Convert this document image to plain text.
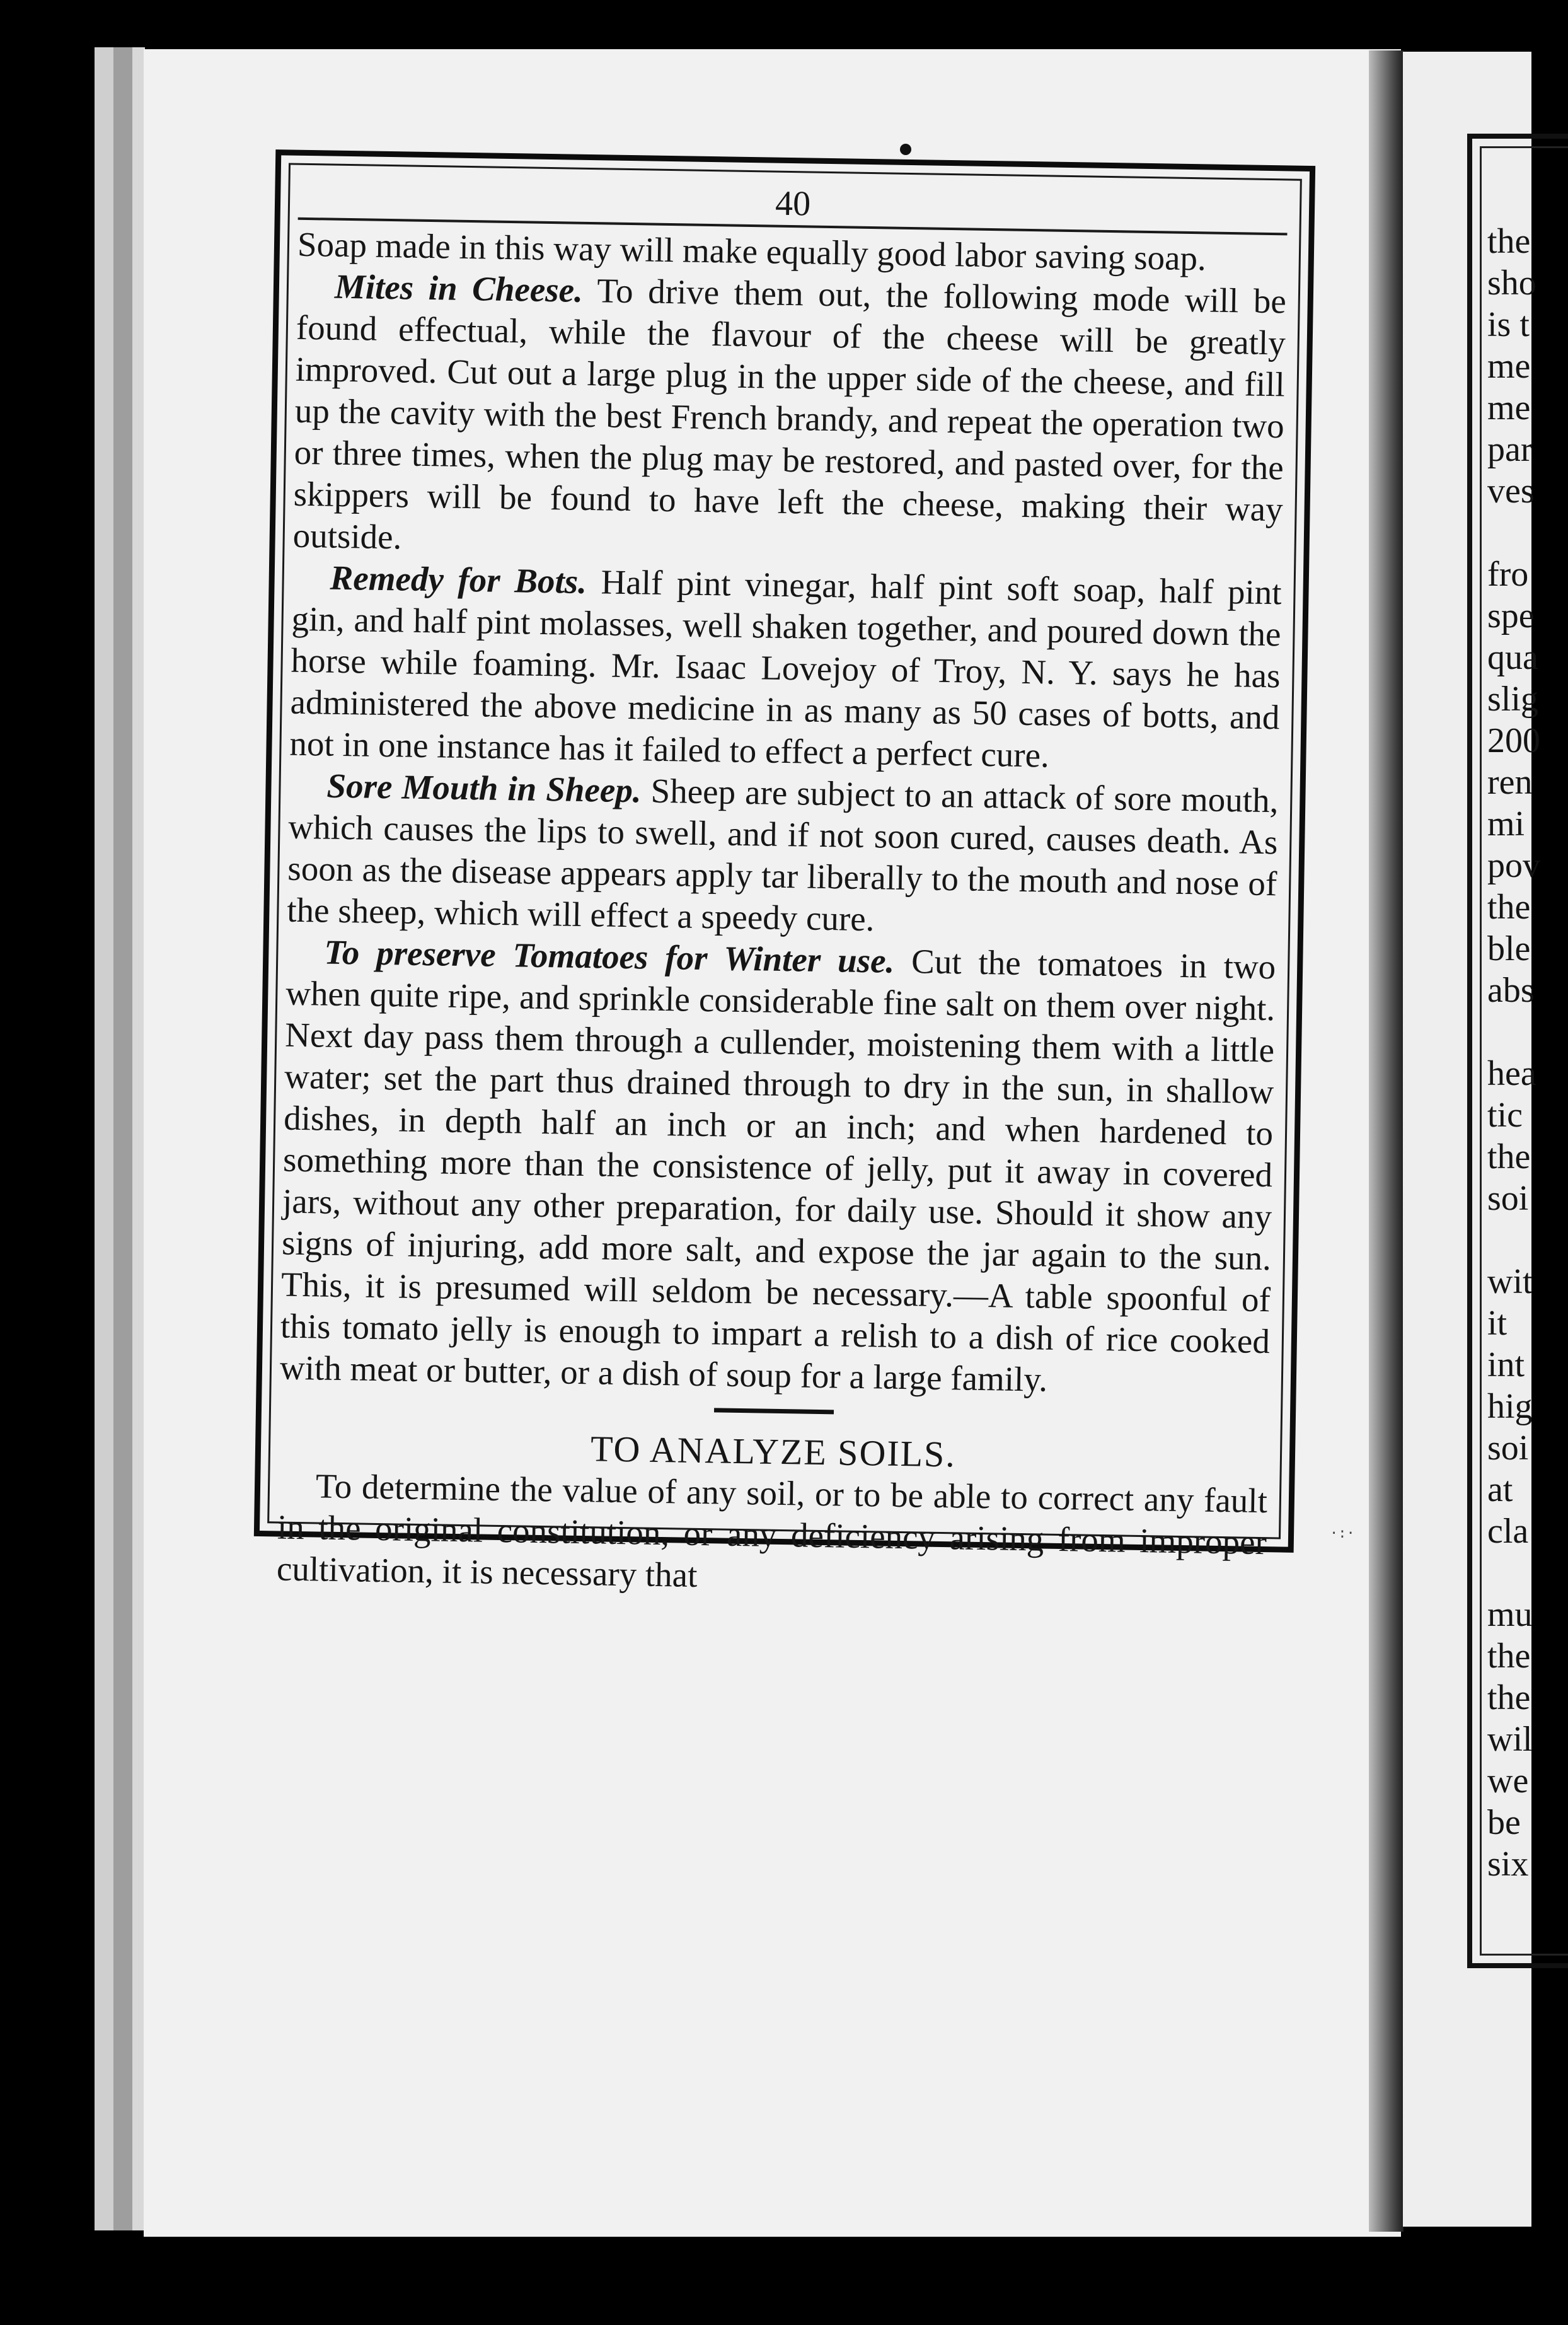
the
sho
is t
me
me
par
ves
fro
spe
qua
slig
200
ren
mi
pov
the
ble
abs
hea
tic
the
soi
wit
it
int
hig
soi
at
cla
mu
the
the
wil
we
be
six
·:·
40

Soap made in this way will make equally good labor saving soap.

Mites in Cheese. To drive them out, the following mode will be found effectual, while the flavour of the cheese will be greatly improved. Cut out a large plug in the upper side of the cheese, and fill up the cavity with the best French brandy, and repeat the operation two or three times, when the plug may be restored, and pasted over, for the skippers will be found to have left the cheese, making their way outside.

Remedy for Bots. Half pint vinegar, half pint soft soap, half pint gin, and half pint molasses, well shaken together, and poured down the horse while foaming. Mr. Isaac Lovejoy of Troy, N. Y. says he has administered the above medicine in as many as 50 cases of botts, and not in one instance has it failed to effect a perfect cure.

Sore Mouth in Sheep. Sheep are subject to an attack of sore mouth, which causes the lips to swell, and if not soon cured, causes death. As soon as the disease appears apply tar liberally to the mouth and nose of the sheep, which will effect a speedy cure.

To preserve Tomatoes for Winter use. Cut the tomatoes in two when quite ripe, and sprinkle considerable fine salt on them over night. Next day pass them through a cullender, moistening them with a little water; set the part thus drained through to dry in the sun, in shallow dishes, in depth half an inch or an inch; and when hardened to something more than the consistence of jelly, put it away in covered jars, without any other preparation, for daily use. Should it show any signs of injuring, add more salt, and expose the jar again to the sun. This, it is presumed will seldom be necessary.—A table spoonful of this tomato jelly is enough to impart a relish to a dish of rice cooked with meat or butter, or a dish of soup for a large family.

TO ANALYZE SOILS.

To determine the value of any soil, or to be able to correct any fault in the original constitution, or any deficiency arising from improper cultivation, it is necessary that
